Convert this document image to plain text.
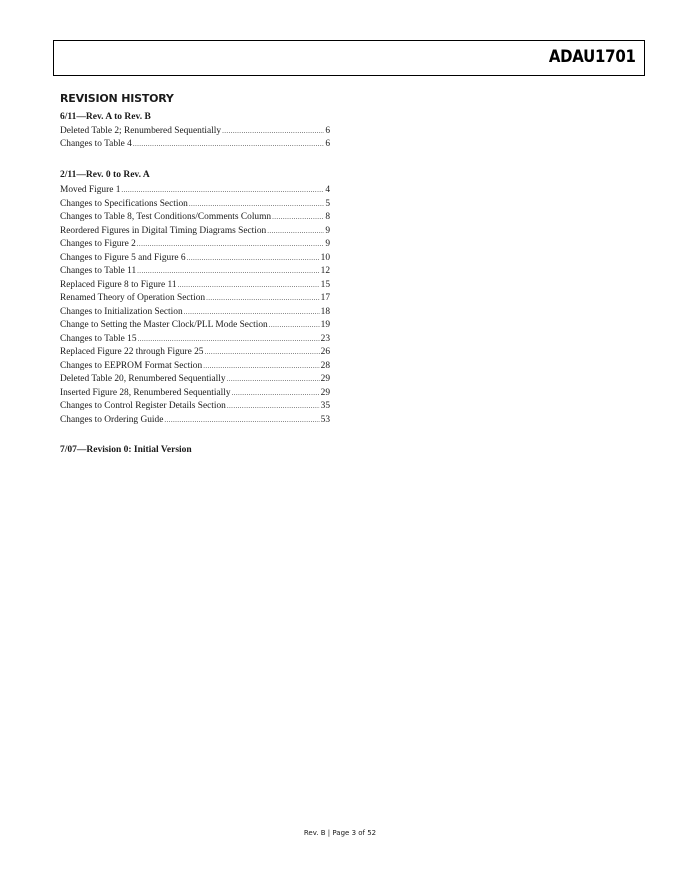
ADAU1701
REVISION HISTORY

6/11—Rev. A to Rev. B

Deleted Table 2; Renumbered Sequentially .....	6
Changes to Table 4 .....	6

2/11—Rev. 0 to Rev. A

Moved Figure 1 .....	4
Changes to Specifications Section .....	5
Changes to Table 8, Test Conditions/Comments Column .....	8
Reordered Figures in Digital Timing Diagrams Section .....	9
Changes to Figure 2 .....	9
Changes to Figure 5 and Figure 6 .....	10
Changes to Table 11 .....	12
Replaced Figure 8 to Figure 11 .....	15
Renamed Theory of Operation Section .....	17
Changes to Initialization Section .....	18
Change to Setting the Master Clock/PLL Mode Section .....	19
Changes to Table 15 .....	23
Replaced Figure 22 through Figure 25 .....	26
Changes to EEPROM Format Section .....	28
Deleted Table 20, Renumbered Sequentially .....	29
Inserted Figure 28, Renumbered Sequentially .....	29
Changes to Control Register Details Section .....	35
Changes to Ordering Guide .....	53

7/07—Revision 0: Initial Version

Rev. B | Page 3 of 52
